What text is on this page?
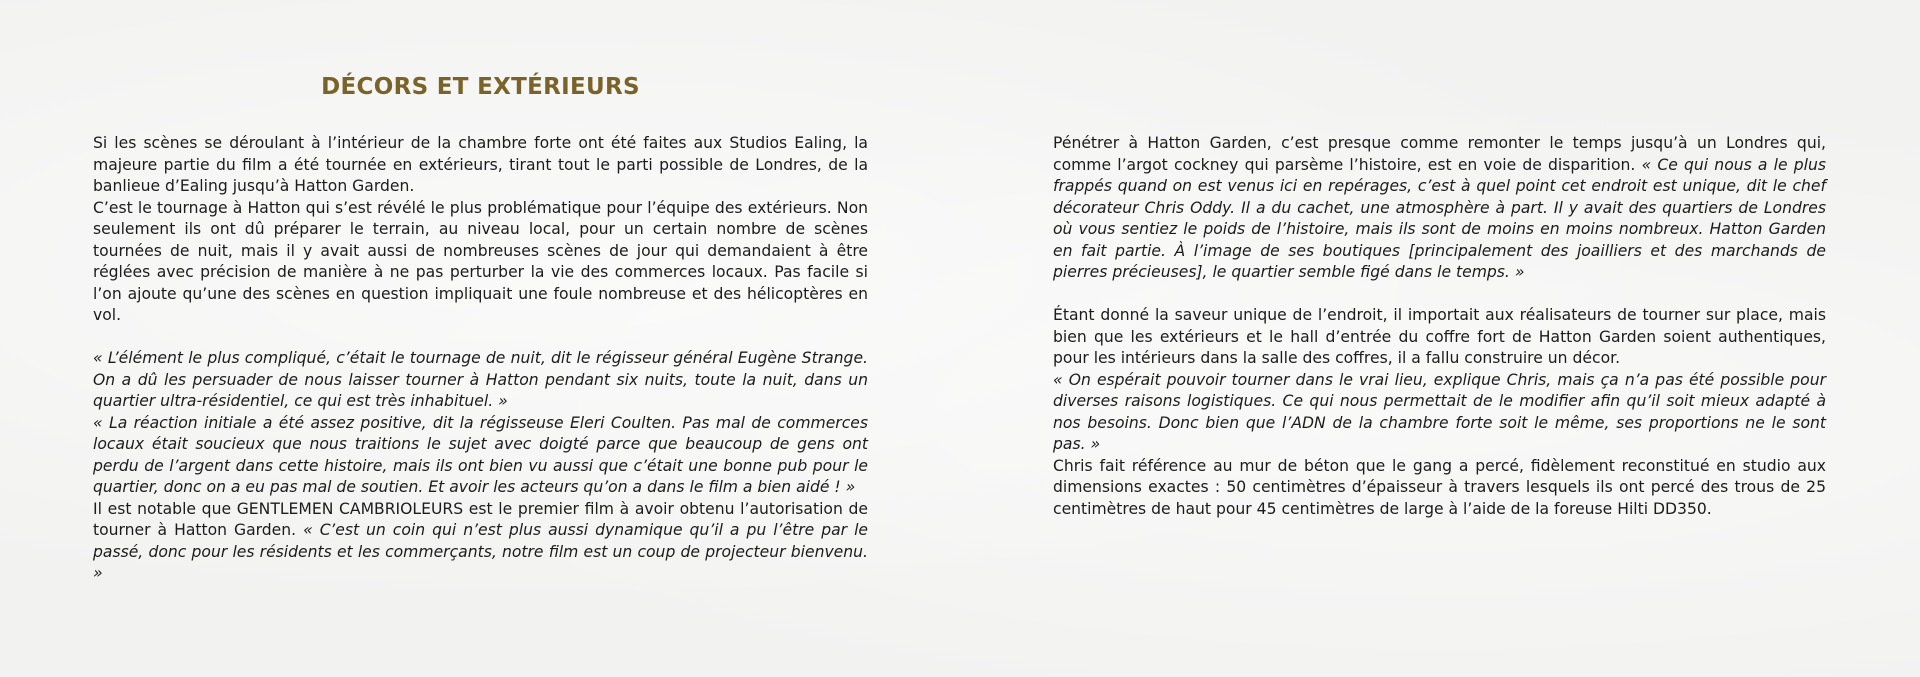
DÉCORS ET EXTÉRIEURS

Si les scènes se déroulant à l’intérieur de la chambre forte ont été faites aux Studios Ealing, la majeure partie du film a été tournée en extérieurs, tirant tout le parti possible de Londres, de la banlieue d’Ealing jusqu’à Hatton Garden.

C’est le tournage à Hatton qui s’est révélé le plus problématique pour l’équipe des extérieurs. Non seulement ils ont dû préparer le terrain, au niveau local, pour un certain nombre de scènes tournées de nuit, mais il y avait aussi de nombreuses scènes de jour qui demandaient à être réglées avec précision de manière à ne pas perturber la vie des commerces locaux. Pas facile si l’on ajoute qu’une des scènes en question impliquait une foule nombreuse et des hélicoptères en vol.

« L’élément le plus compliqué, c’était le tournage de nuit, dit le régisseur général Eugène Strange. On a dû les persuader de nous laisser tourner à Hatton pendant six nuits, toute la nuit, dans un quartier ultra-résidentiel, ce qui est très inhabituel. »

« La réaction initiale a été assez positive, dit la régisseuse Eleri Coulten. Pas mal de commerces locaux était soucieux que nous traitions le sujet avec doigté parce que beaucoup de gens ont perdu de l’argent dans cette histoire, mais ils ont bien vu aussi que c’était une bonne pub pour le quartier, donc on a eu pas mal de soutien. Et avoir les acteurs qu’on a dans le film a bien aidé ! »

Il est notable que GENTLEMEN CAMBRIOLEURS est le premier film à avoir obtenu l’autorisation de tourner à Hatton Garden. « C’est un coin qui n’est plus aussi dynamique qu’il a pu l’être par le passé, donc pour les résidents et les commerçants, notre film est un coup de projecteur bienvenu. »

Pénétrer à Hatton Garden, c’est presque comme remonter le temps jusqu’à un Londres qui, comme l’argot cockney qui parsème l’histoire, est en voie de disparition. « Ce qui nous a le plus frappés quand on est venus ici en repérages, c’est à quel point cet endroit est unique, dit le chef décorateur Chris Oddy. Il a du cachet, une atmosphère à part. Il y avait des quartiers de Londres où vous sentiez le poids de l’histoire, mais ils sont de moins en moins nombreux. Hatton Garden en fait partie. À l’image de ses boutiques [principalement des joailliers et des marchands de pierres précieuses], le quartier semble figé dans le temps. »

Étant donné la saveur unique de l’endroit, il importait aux réalisateurs de tourner sur place, mais bien que les extérieurs et le hall d’entrée du coffre fort de Hatton Garden soient authentiques, pour les intérieurs dans la salle des coffres, il a fallu construire un décor.

« On espérait pouvoir tourner dans le vrai lieu, explique Chris, mais ça n’a pas été possible pour diverses raisons logistiques. Ce qui nous permettait de le modifier afin qu’il soit mieux adapté à nos besoins. Donc bien que l’ADN de la chambre forte soit le même, ses proportions ne le sont pas. »

Chris fait référence au mur de béton que le gang a percé, fidèlement reconstitué en studio aux dimensions exactes : 50 centimètres d’épaisseur à travers lesquels ils ont percé des trous de 25 centimètres de haut pour 45 centimètres de large à l’aide de la foreuse Hilti DD350.
